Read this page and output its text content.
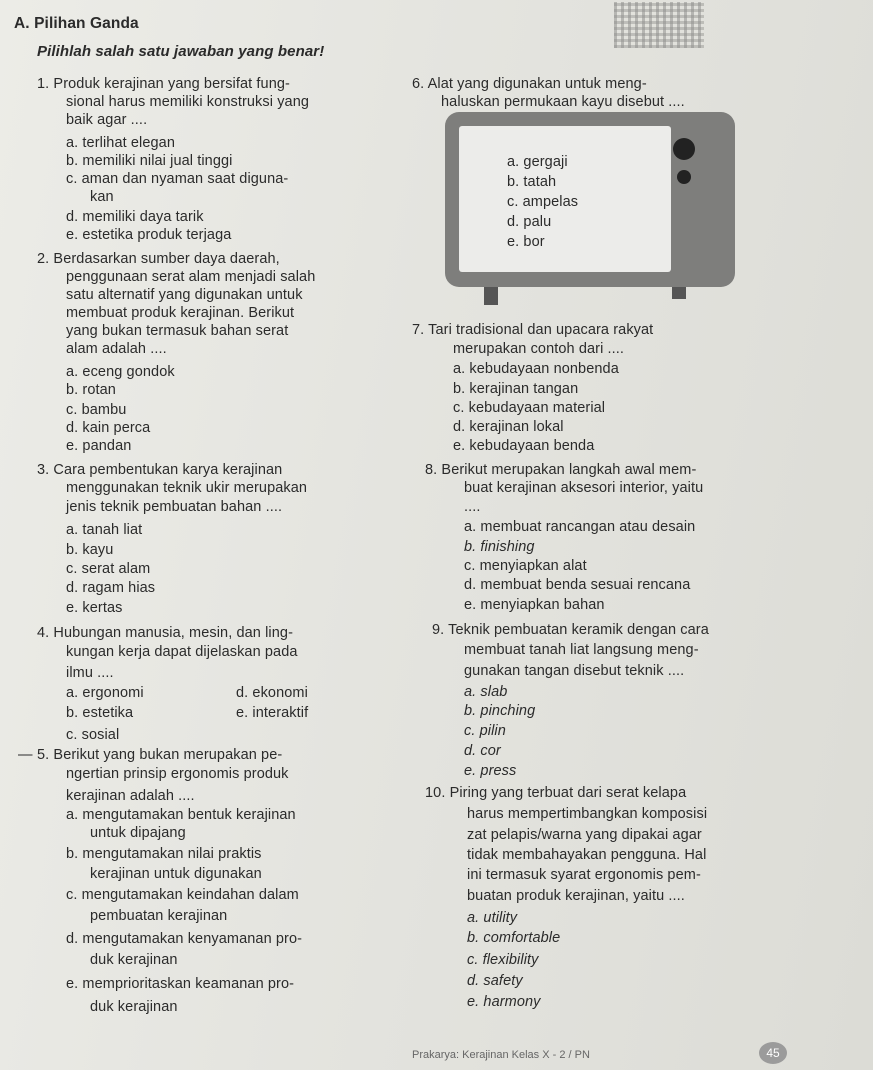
A. Pilihan Ganda
Pilihlah salah satu jawaban yang benar!
1. Produk kerajinan yang bersifat fung-
sional harus memiliki konstruksi yang
baik agar ....
a. terlihat elegan
b. memiliki nilai jual tinggi
c. aman dan nyaman saat diguna-
kan
d. memiliki daya tarik
e. estetika produk terjaga
2. Berdasarkan sumber daya daerah,
penggunaan serat alam menjadi salah
satu alternatif yang digunakan untuk
membuat produk kerajinan. Berikut
yang bukan termasuk bahan serat
alam adalah ....
a. eceng gondok
b. rotan
c. bambu
d. kain perca
e. pandan
3. Cara pembentukan karya kerajinan
menggunakan teknik ukir merupakan
jenis teknik pembuatan bahan ....
a. tanah liat
b. kayu
c. serat alam
d. ragam hias
e. kertas
4. Hubungan manusia, mesin, dan ling-
kungan kerja dapat dijelaskan pada
ilmu ....
a. ergonomi
b. estetika
c. sosial
d. ekonomi
e. interaktif
— 5. Berikut yang bukan merupakan pe-
ngertian prinsip ergonomis produk
kerajinan adalah ....
a. mengutamakan bentuk kerajinan
untuk dipajang
b. mengutamakan nilai praktis
kerajinan untuk digunakan
c. mengutamakan keindahan dalam
pembuatan kerajinan
d. mengutamakan kenyamanan pro-
duk kerajinan
e. memprioritaskan keamanan pro-
duk kerajinan
6. Alat yang digunakan untuk meng-
haluskan permukaan kayu disebut ....
a. gergaji
b. tatah
c. ampelas
d. palu
e. bor
7. Tari tradisional dan upacara rakyat
merupakan contoh dari ....
a. kebudayaan nonbenda
b. kerajinan tangan
c. kebudayaan material
d. kerajinan lokal
e. kebudayaan benda
8. Berikut merupakan langkah awal mem-
buat kerajinan aksesori interior, yaitu
....
a. membuat rancangan atau desain
b. finishing
c. menyiapkan alat
d. membuat benda sesuai rencana
e. menyiapkan bahan
9. Teknik pembuatan keramik dengan cara
membuat tanah liat langsung meng-
gunakan tangan disebut teknik ....
a. slab
b. pinching
c. pilin
d. cor
e. press
10. Piring yang terbuat dari serat kelapa
harus mempertimbangkan komposisi
zat pelapis/warna yang dipakai agar
tidak membahayakan pengguna. Hal
ini termasuk syarat ergonomis pem-
buatan produk kerajinan, yaitu ....
a. utility
b. comfortable
c. flexibility
d. safety
e. harmony
Prakarya: Kerajinan Kelas X - 2 / PN	45
